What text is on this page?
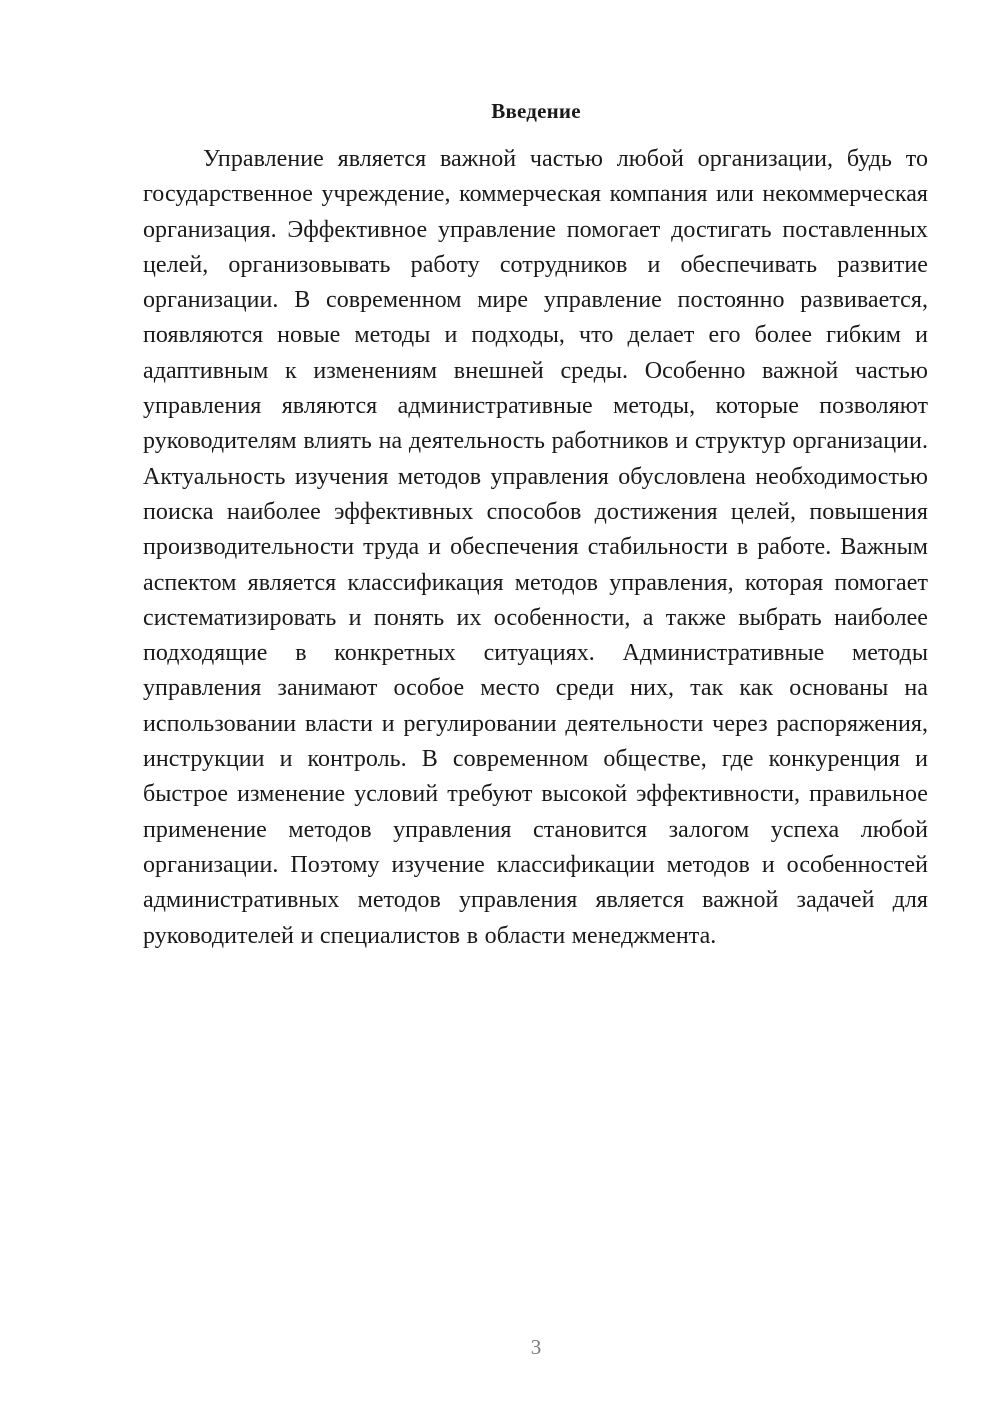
Введение

Управление является важной частью любой организации, будь то государственное учреждение, коммерческая компания или некоммерческая организация. Эффективное управление помогает достигать поставленных целей, организовывать работу сотрудников и обеспечивать развитие организации. В современном мире управление постоянно развивается, появляются новые методы и подходы, что делает его более гибким и адаптивным к изменениям внешней среды. Особенно важной частью управления являются административные методы, которые позволяют руководителям влиять на деятельность работников и структур организации. Актуальность изучения методов управления обусловлена необходимостью поиска наиболее эффективных способов достижения целей, повышения производительности труда и обеспечения стабильности в работе. Важным аспектом является классификация методов управления, которая помогает систематизировать и понять их особенности, а также выбрать наиболее подходящие в конкретных ситуациях. Административные методы управления занимают особое место среди них, так как основаны на использовании власти и регулировании деятельности через распоряжения, инструкции и контроль. В современном обществе, где конкуренция и быстрое изменение условий требуют высокой эффективности, правильное применение методов управления становится залогом успеха любой организации. Поэтому изучение классификации методов и особенностей административных методов управления является важной задачей для руководителей и специалистов в области менеджмента.

3
